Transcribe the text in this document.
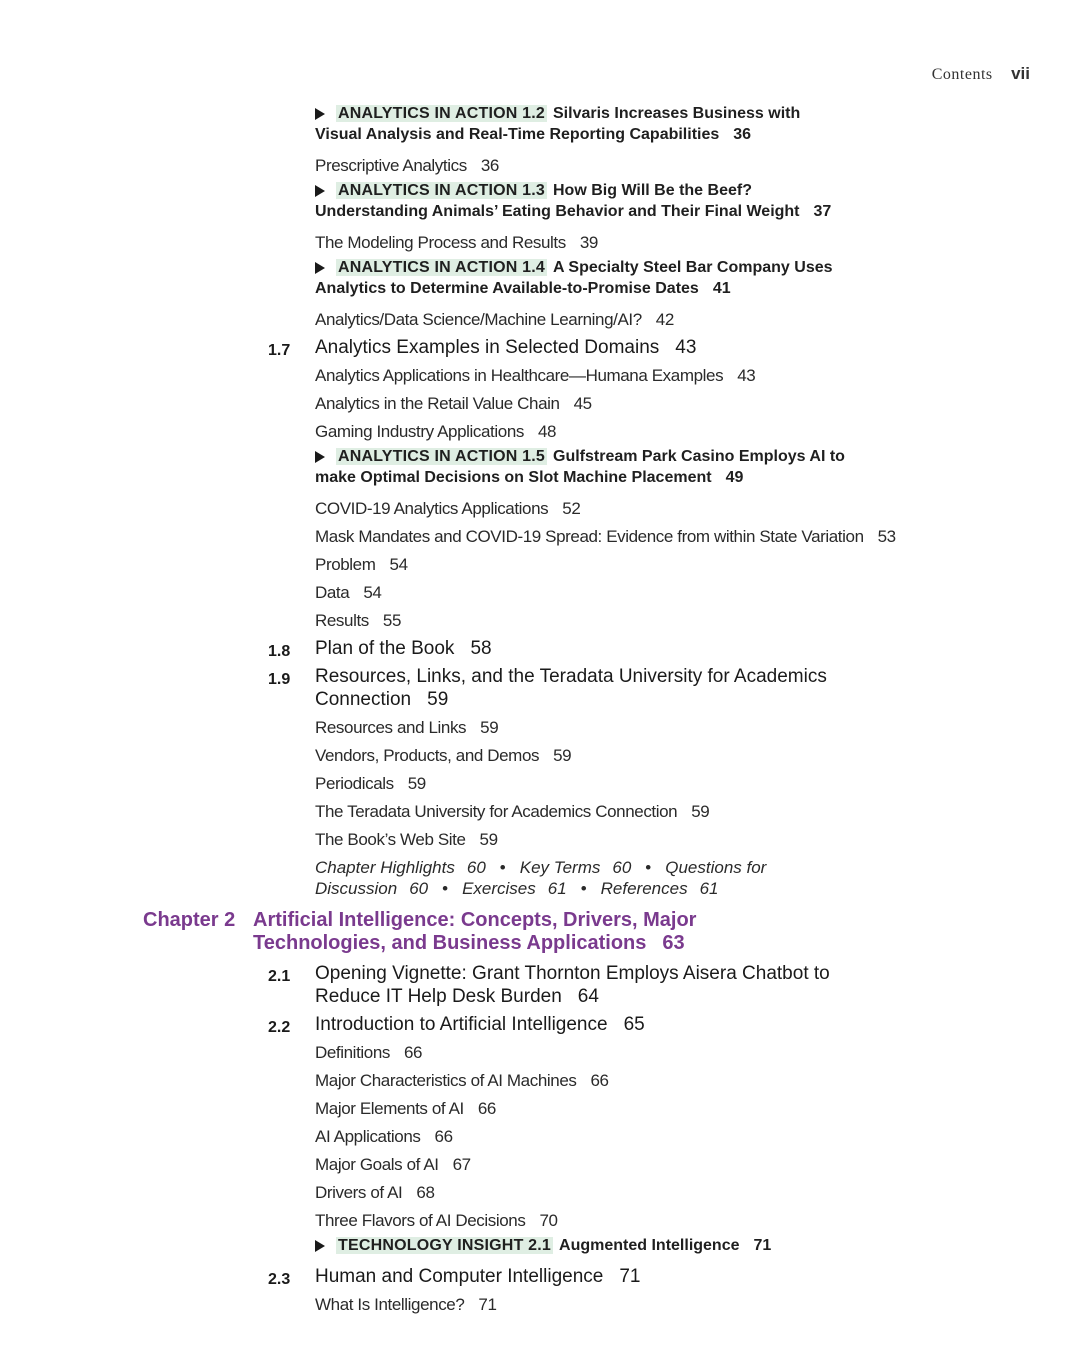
Contents vii
ANALYTICS IN ACTION 1.2 Silvaris Increases Business with Visual Analysis and Real-Time Reporting Capabilities 36
Prescriptive Analytics 36
ANALYTICS IN ACTION 1.3 How Big Will Be the Beef? Understanding Animals’ Eating Behavior and Their Final Weight 37
The Modeling Process and Results 39
ANALYTICS IN ACTION 1.4 A Specialty Steel Bar Company Uses Analytics to Determine Available-to-Promise Dates 41
Analytics/Data Science/Machine Learning/AI? 42
1.7 Analytics Examples in Selected Domains 43
Analytics Applications in Healthcare—Humana Examples 43
Analytics in the Retail Value Chain 45
Gaming Industry Applications 48
ANALYTICS IN ACTION 1.5 Gulfstream Park Casino Employs AI to make Optimal Decisions on Slot Machine Placement 49
COVID-19 Analytics Applications 52
Mask Mandates and COVID-19 Spread: Evidence from within State Variation 53
Problem 54
Data 54
Results 55
1.8 Plan of the Book 58
1.9 Resources, Links, and the Teradata University for Academics Connection 59
Resources and Links 59
Vendors, Products, and Demos 59
Periodicals 59
The Teradata University for Academics Connection 59
The Book’s Web Site 59
Chapter Highlights 60 • Key Terms 60 • Questions for Discussion 60 • Exercises 61 • References 61
Chapter 2 Artificial Intelligence: Concepts, Drivers, Major Technologies, and Business Applications 63
2.1 Opening Vignette: Grant Thornton Employs Aisera Chatbot to Reduce IT Help Desk Burden 64
2.2 Introduction to Artificial Intelligence 65
Definitions 66
Major Characteristics of AI Machines 66
Major Elements of AI 66
AI Applications 66
Major Goals of AI 67
Drivers of AI 68
Three Flavors of AI Decisions 70
TECHNOLOGY INSIGHT 2.1 Augmented Intelligence 71
2.3 Human and Computer Intelligence 71
What Is Intelligence? 71
